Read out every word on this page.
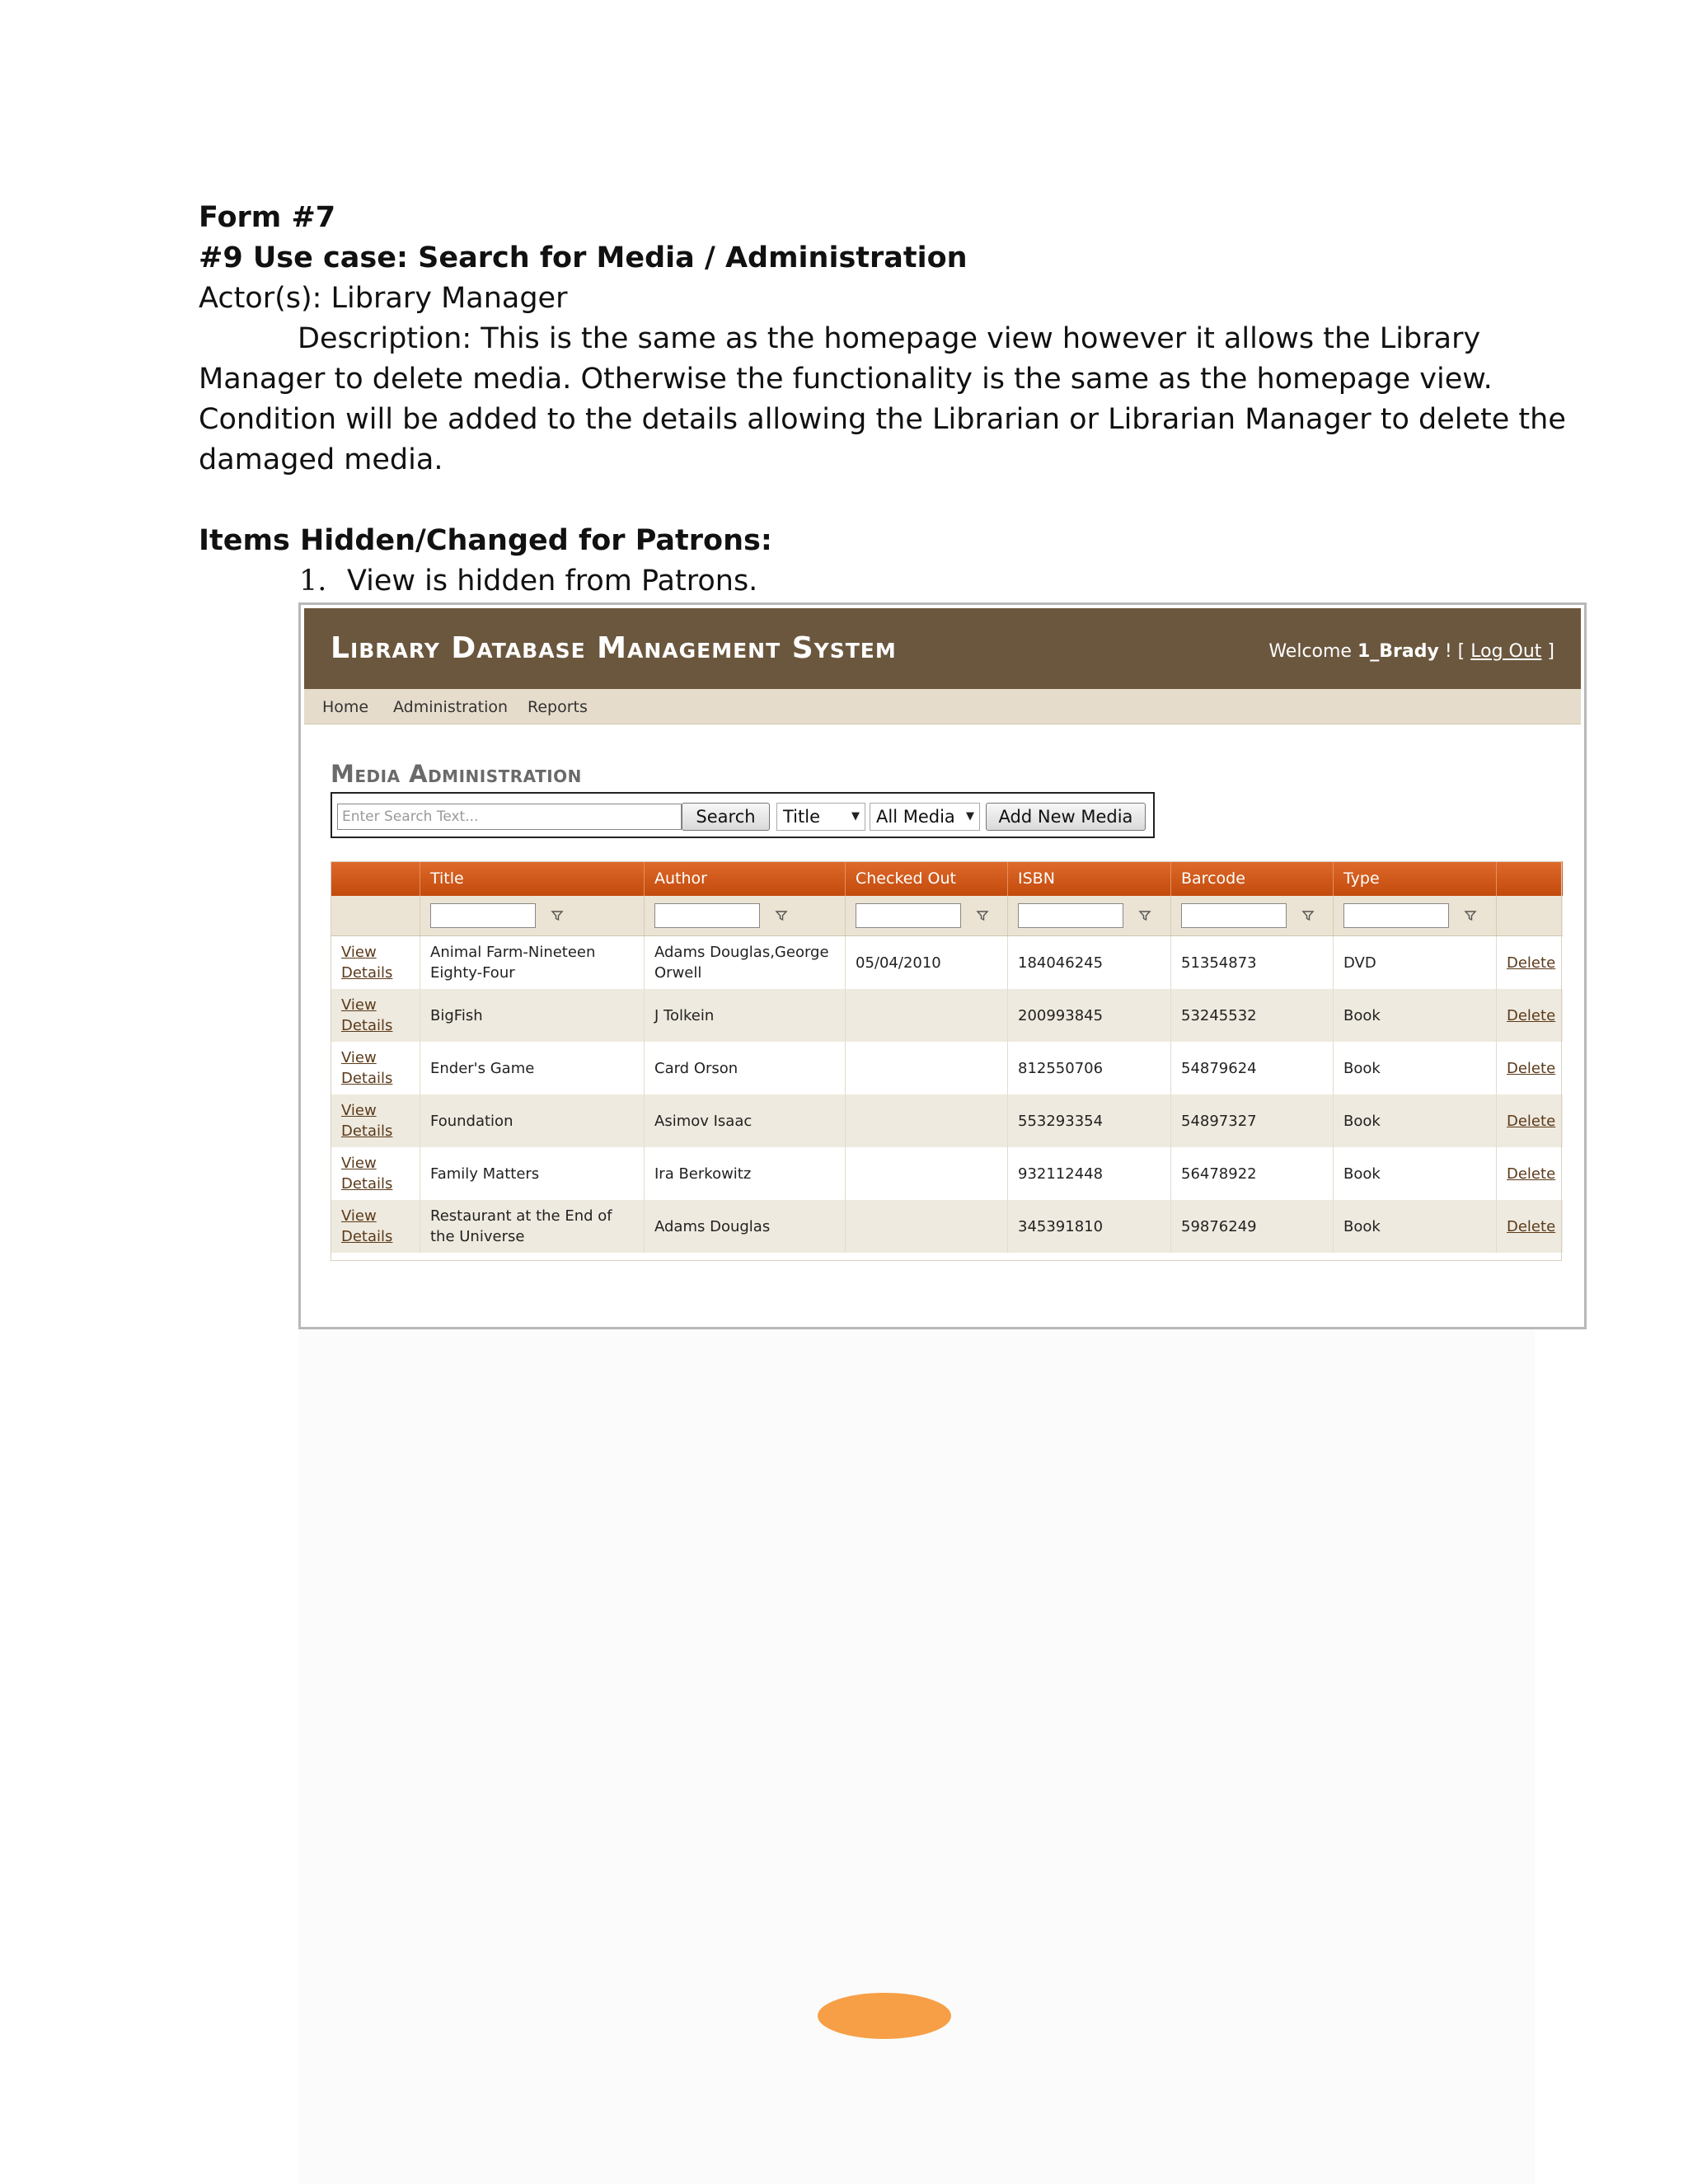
Form #7
#9 Use case: Search for Media / Administration
Actor(s): Library Manager
Description: This is the same as the homepage view however it allows the Library
Manager to delete media. Otherwise the functionality is the same as the homepage view.
Condition will be added to the details allowing the Librarian or Librarian Manager to delete the
damaged media.
Items Hidden/Changed for Patrons:
1. View is hidden from Patrons.
Library Database Management System	Welcome 1_Brady ! [ Log Out ]
Home Administration Reports
Media Administration
Enter Search Text...
Search	Title	▼ All Media ▼	Add New Media
	Title	Author	Checked Out	ISBN	Barcode	Type	

View
Details	Animal Farm-Nineteen Eighty-Four	Adams Douglas,George Orwell	05/04/2010	184046245	51354873	DVD	Delete
View
Details	BigFish	J Tolkein		200993845	53245532	Book	Delete
View
Details	Ender's Game	Card Orson		812550706	54879624	Book	Delete
View
Details	Foundation	Asimov Isaac		553293354	54897327	Book	Delete
View
Details	Family Matters	Ira Berkowitz		932112448	56478922	Book	Delete
View
Details	Restaurant at the End of the Universe	Adams Douglas		345391810	59876249	Book	Delete
